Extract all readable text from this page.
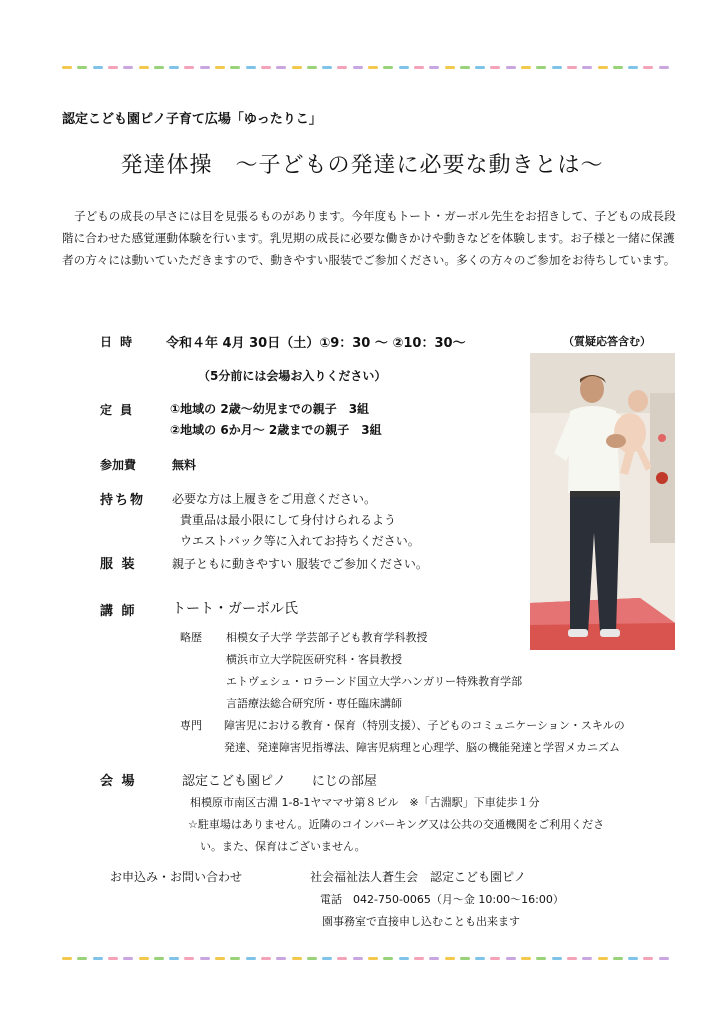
認定こども園ピノ子育て広場「ゆったりこ」
発達体操　～子どもの発達に必要な動きとは～
子どもの成長の早さには目を見張るものがあります。今年度もトート・ガーボル先生をお招きして、子どもの成長段階に合わせた感覚運動体験を行います。乳児期の成長に必要な働きかけや動きなどを体験します。お子様と一緒に保護者の方々には動いていただきますので、動きやすい服装でご参加ください。多くの方々のご参加をお待ちしています。
日 時 令和４年 4月 30日（土）①9：30 ～ ②10：30～	（質疑応答含む）
（5分前には会場お入りください）
定 員	①地域の 2歳～幼児までの親子　3組
②地域の 6か月～ 2歳までの親子　3組
参加費	無料
持ち物 必要な方は上履きをご用意ください。
貴重品は最小限にして身付けられるよう
ウエストバック等に入れてお持ちください。
服 装	親子ともに動きやすい 服装でご参加ください。
講 師	トート・ガーボル氏
略歴 相模女子大学 学芸部子ども教育学科教授
横浜市立大学院医研究科・客員教授
エトヴェシュ・ロラーンド国立大学ハンガリー特殊教育学部
言語療法総合研究所・専任臨床講師
専門 障害児における教育・保育（特別支援）、子どものコミュニケーション・スキルの
発達、発達障害児指導法、障害児病理と心理学、脳の機能発達と学習メカニズム
会 場	認定こども園ピノ　　にじの部屋
相模原市南区古淵 1-8-1ヤママサ第８ビル　※「古淵駅」下車徒歩１分
☆駐車場はありません。近隣のコインパーキング又は公共の交通機関をご利用くださ
い。また、保育はございません。
お申込み・お問い合わせ	社会福祉法人蒼生会　認定こども園ピノ
電話　042-750-0065（月～金 10:00～16:00）
園事務室で直接申し込むことも出来ます
